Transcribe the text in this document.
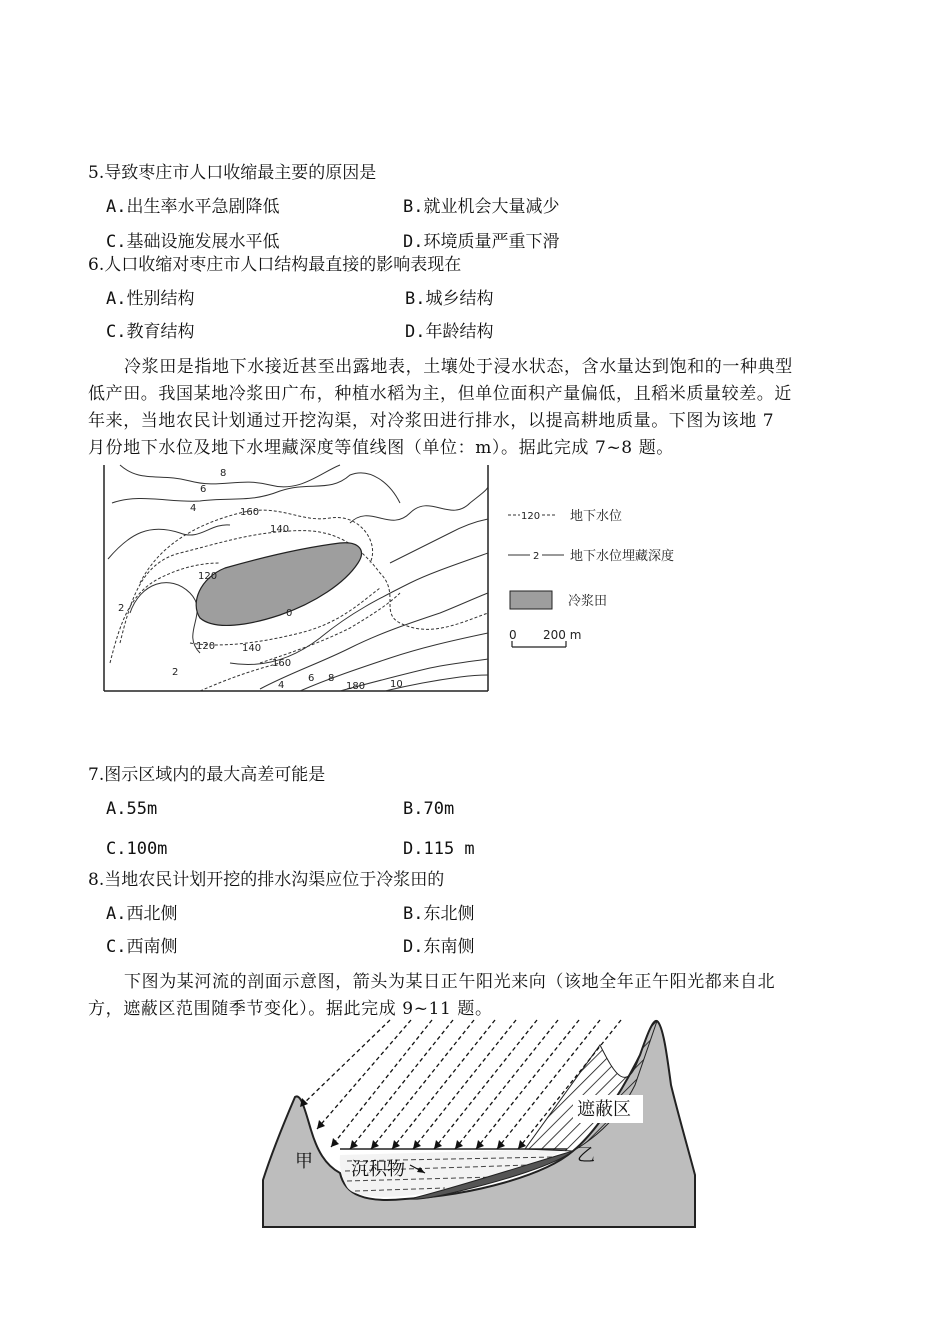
5.导致枣庄市人口收缩最主要的原因是
A.出生率水平急剧降低	B.就业机会大量减少
C.基础设施发展水平低	D.环境质量严重下滑
6.人口收缩对枣庄市人口结构最直接的影响表现在
A.性别结构	B.城乡结构
C.教育结构	D.年龄结构
冷浆田是指地下水接近甚至出露地表，土壤处于浸水状态，含水量达到饱和的一种典型
低产田。我国某地冷浆田广布，种植水稻为主，但单位面积产量偏低，且稻米质量较差。近
年来，当地农民计划通过开挖沟渠，对冷浆田进行排水，以提高耕地质量。下图为该地 7
月份地下水位及地下水埋藏深度等值线图（单位：m）。据此完成 7~8 题。
8
6
4	160
140
120
0
2
120	140
160
2
4
6 8
180 10
120 地下水位
2 地下水位埋藏深度
冷浆田
0 200 m
7.图示区域内的最大高差可能是
A.55m	B.70m
C.100m	D.115 m
8.当地农民计划开挖的排水沟渠应位于冷浆田的
A.西北侧	B.东北侧
C.西南侧	D.东南侧
下图为某河流的剖面示意图，箭头为某日正午阳光来向（该地全年正午阳光都来自北
方，遮蔽区范围随季节变化）。据此完成 9~11 题。
甲	乙
沉积物
遮蔽区
